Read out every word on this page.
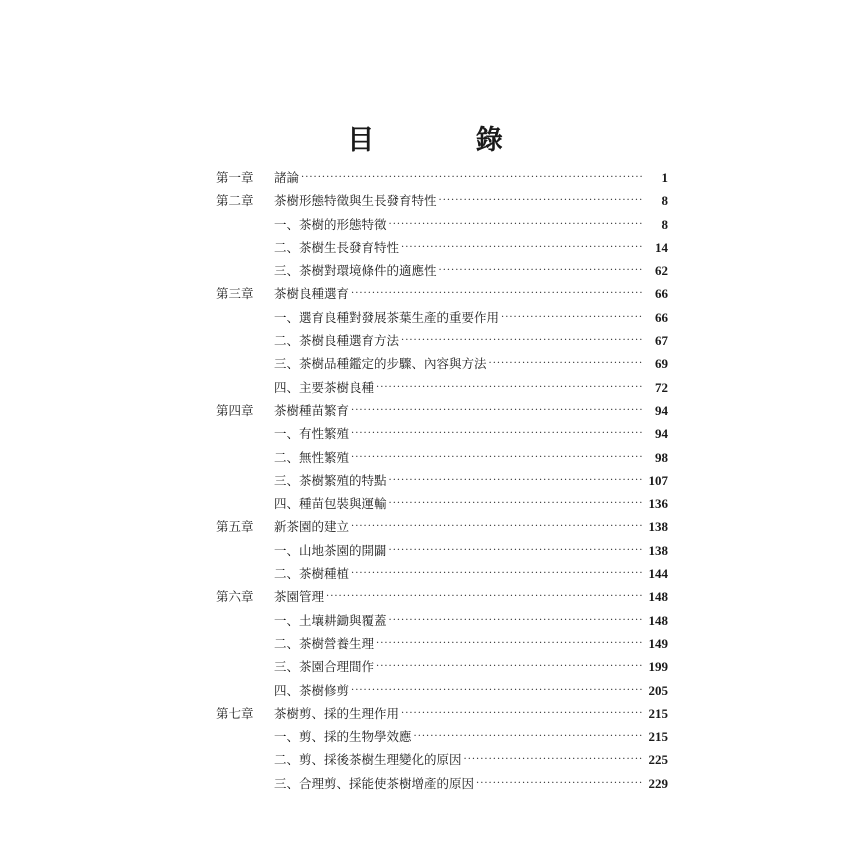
目 錄
第一章	諸論 ·····	1
第二章	茶樹形態特徵與生長發育特性 ·····	8
一、茶樹的形態特徵 ·····	8
二、茶樹生長發育特性 ·····	14
三、茶樹對環境條件的適應性 ·····	62
第三章	茶樹良種選育 ·····	66
一、選育良種對發展茶葉生產的重要作用 ·····	66
二、茶樹良種選育方法 ·····	67
三、茶樹品種鑑定的步驟、內容與方法 ·····	69
四、主要茶樹良種 ·····	72
第四章	茶樹種苗繁育 ·····	94
一、有性繁殖 ·····	94
二、無性繁殖 ·····	98
三、茶樹繁殖的特點 ·····	107
四、種苗包裝與運輸 ·····	136
第五章	新茶園的建立 ·····	138
一、山地茶園的開闢 ·····	138
二、茶樹種植 ·····	144
第六章	茶園管理 ·····	148
一、土壤耕鋤與覆蓋 ·····	148
二、茶樹營養生理 ·····	149
三、茶園合理間作 ·····	199
四、茶樹修剪 ·····	205
第七章	茶樹剪、採的生理作用 ·····	215
一、剪、採的生物學效應 ·····	215
二、剪、採後茶樹生理變化的原因 ·····	225
三、合理剪、採能使茶樹增產的原因 ·····	229
